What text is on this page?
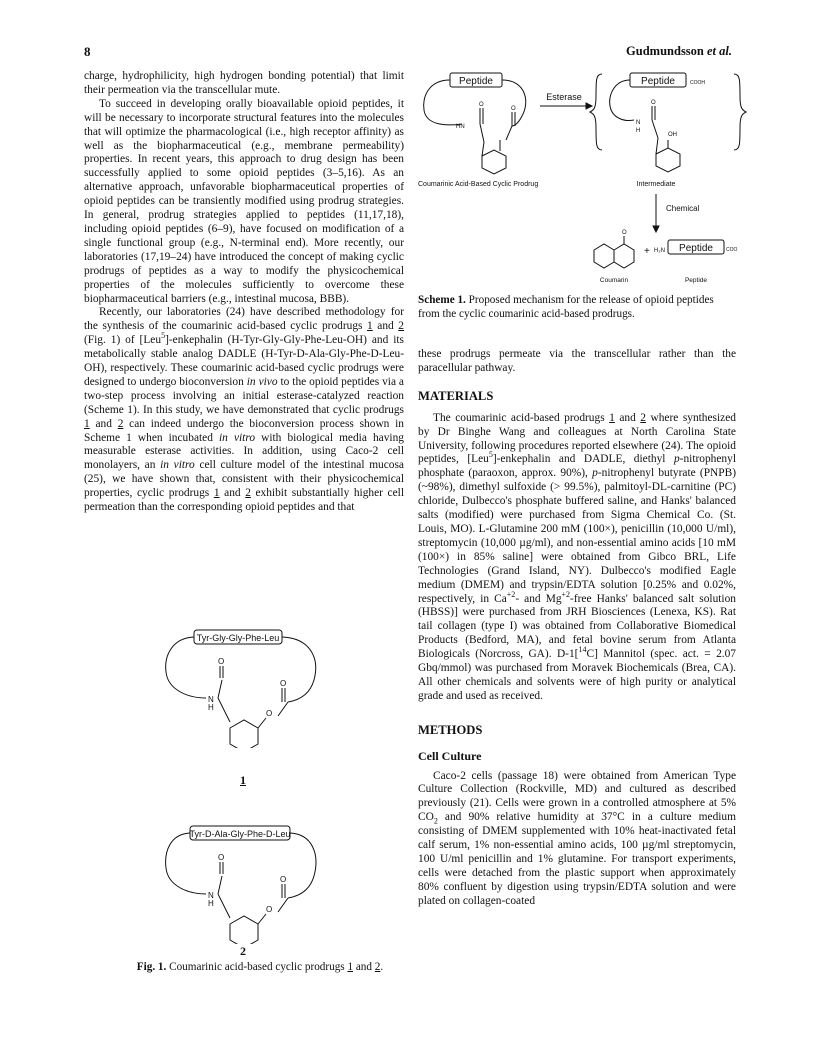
8	Gudmundsson et al.

charge, hydrophilicity, high hydrogen bonding potential) that limit their permeation via the transcellular mute.

To succeed in developing orally bioavailable opioid peptides, it will be necessary to incorporate structural features into the molecules that will optimize the pharmacological (i.e., high receptor affinity) as well as the biopharmaceutical (e.g., membrane permeability) properties. In recent years, this approach to drug design has been successfully applied to some opioid peptides (3–5,16). As an alternative approach, unfavorable biopharmaceutical properties of opioid peptides can be transiently modified using prodrug strategies. In general, prodrug strategies applied to peptides (11,17,18), including opioid peptides (6–9), have focused on modification of a single functional group (e.g., N-terminal end). More recently, our laboratories (17,19–24) have introduced the concept of making cyclic prodrugs of peptides as a way to modify the physicochemical properties of the molecules sufficiently to overcome these biopharmaceutical barriers (e.g., intestinal mucosa, BBB).

Recently, our laboratories (24) have described methodology for the synthesis of the coumarinic acid-based cyclic prodrugs 1 and 2 (Fig. 1) of [Leu$^5$]-enkephalin (H-Tyr-Gly-Gly-Phe-Leu-OH) and its metabolically stable analog DADLE (H-Tyr-D-Ala-Gly-Phe-D-Leu-OH), respectively. These coumarinic acid-based cyclic prodrugs were designed to undergo bioconversion in vivo to the opioid peptides via a two-step process involving an initial esterase-catalyzed reaction (Scheme 1). In this study, we have demonstrated that cyclic prodrugs 1 and 2 can indeed undergo the bioconversion process shown in Scheme 1 when incubated in vitro with biological media having measurable esterase activities. In addition, using Caco-2 cell monolayers, an in vitro cell culture model of the intestinal mucosa (25), we have shown that, consistent with their physicochemical properties, cyclic prodrugs 1 and 2 exhibit substantially higher cell permeation than the corresponding opioid peptides and that

Peptide
Esterase
HN
O
O
Peptide	COOH
N
H
O
OH
Coumarinic Acid-Based Cyclic Prodrug	Intermediate
Chemical
O
+ H₂N Peptide	COO
Coumarin	Peptide
Scheme 1. Proposed mechanism for the release of opioid peptides from the cyclic coumarinic acid-based prodrugs.

these prodrugs permeate via the transcellular rather than the paracellular pathway.

MATERIALS

The coumarinic acid-based prodrugs 1 and 2 where synthesized by Dr Binghe Wang and colleagues at North Carolina State University, following procedures reported elsewhere (24). The opioid peptides, [Leu$^5$]-enkephalin and DADLE, diethyl p-nitrophenyl phosphate (paraoxon, approx. 90%), p-nitrophenyl butyrate (PNPB) (~98%), dimethyl sulfoxide (> 99.5%), palmitoyl-DL-carnitine (PC) chloride, Dulbecco's phosphate buffered saline, and Hanks' balanced salts (modified) were purchased from Sigma Chemical Co. (St. Louis, MO). L-Glutamine 200 mM (100×), penicillin (10,000 U/ml), streptomycin (10,000 µg/ml), and non-essential amino acids [10 mM (100×) in 85% saline] were obtained from Gibco BRL, Life Technologies (Grand Island, NY). Dulbecco's modified Eagle medium (DMEM) and trypsin/EDTA solution [0.25% and 0.02%, respectively, in $Ca^{+2}-$ and $Mg^{+2}$-free Hanks' balanced salt solution (HBSS)] were purchased from JRH Biosciences (Lenexa, KS). Rat tail collagen (type I) was obtained from Collaborative Biomedical Products (Bedford, MA), and fetal bovine serum from Atlanta Biologicals (Norcross, GA). D-1[$^{14}$C] Mannitol (spec. act. = 2.07 Gbq/mmol) was purchased from Moravek Biochemicals (Brea, CA). All other chemicals and solvents were of high purity or analytical grade and used as received.

METHODS
Cell Culture

Caco-2 cells (passage 18) were obtained from American Type Culture Collection (Rockville, MD) and cultured as described previously (21). Cells were grown in a controlled atmosphere at 5% $CO_2$ and 90% relative humidity at 37°C in a culture medium consisting of DMEM supplemented with 10% heat-inactivated fetal calf serum, 1% non-essential amino acids, 100 µg/ml streptomycin, 100 U/ml penicillin and 1% glutamine. For transport experiments, cells were detached from the plastic support when approximately 80% confluent by digestion using trypsin/EDTA solution and were plated on collagen-coated

Tyr-Gly-Gly-Phe-Leu
N
H
O
O
O
1
Tyr-D-Ala-Gly-Phe-D-Leu
N
H
O
O
O
2
Fig. 1. Coumarinic acid-based cyclic prodrugs 1 and 2.
